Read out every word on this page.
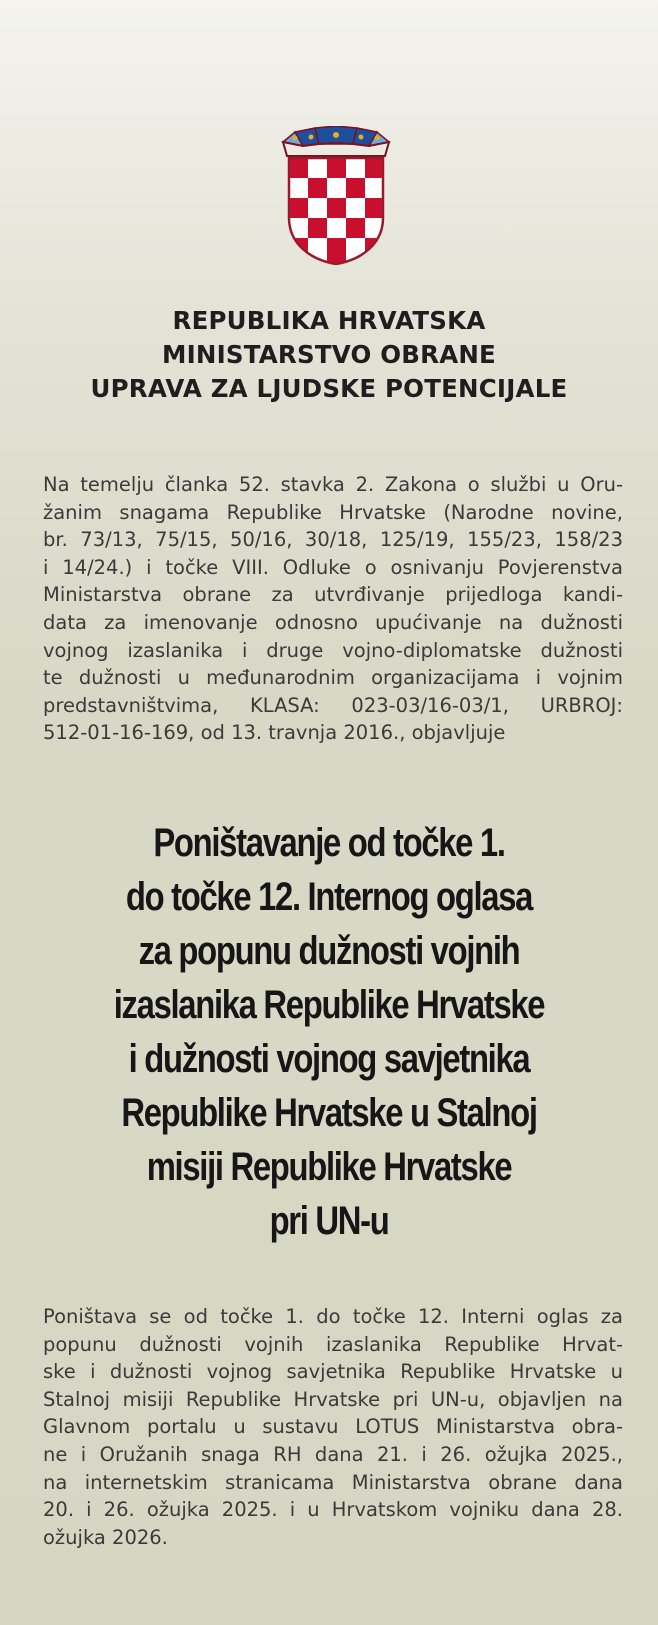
REPUBLIKA HRVATSKA
MINISTARSTVO OBRANE
UPRAVA ZA LJUDSKE POTENCIJALE
Na temelju članka 52. stavka 2. Zakona o službi u Oru-
žanim snagama Republike Hrvatske (Narodne novine,
br. 73/13, 75/15, 50/16, 30/18, 125/19, 155/23, 158/23
i 14/24.) i točke VIII. Odluke o osnivanju Povjerenstva
Ministarstva obrane za utvrđivanje prijedloga kandi-
data za imenovanje odnosno upućivanje na dužnosti
vojnog izaslanika i druge vojno-diplomatske dužnosti
te dužnosti u međunarodnim organizacijama i vojnim
predstavništvima, KLASA: 023-03/16-03/1, URBROJ:
512-01-16-169, od 13. travnja 2016., objavljuje
Poništavanje od točke 1.
do točke 12. Internog oglasa
za popunu dužnosti vojnih
izaslanika Republike Hrvatske
i dužnosti vojnog savjetnika
Republike Hrvatske u Stalnoj
misiji Republike Hrvatske
pri UN-u
Poništava se od točke 1. do točke 12. Interni oglas za
popunu dužnosti vojnih izaslanika Republike Hrvat-
ske i dužnosti vojnog savjetnika Republike Hrvatske u
Stalnoj misiji Republike Hrvatske pri UN-u, objavljen na
Glavnom portalu u sustavu LOTUS Ministarstva obra-
ne i Oružanih snaga RH dana 21. i 26. ožujka 2025.,
na internetskim stranicama Ministarstva obrane dana
20. i 26. ožujka 2025. i u Hrvatskom vojniku dana 28.
ožujka 2026.
